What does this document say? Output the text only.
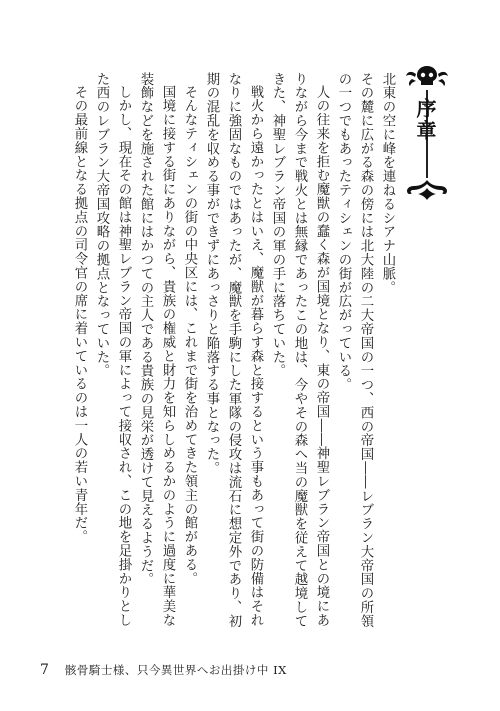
序章

北東の空に峰を連ねるシアナ山脈。

その麓に広がる森の傍には北大陸の二大帝国の一つ、西の帝国――レブラン大帝国の所領の一つでもあったティシェンの街が広がっている。

人の往来を拒む魔獣の蠢く森が国境となり、東の帝国――神聖レブラン帝国との境にありながら今まで戦火とは無縁であったこの地は、今やその森へ当の魔獣を従えて越境してきた、神聖レブラン帝国の軍の手に落ちていた。

戦火から遠かったとはいえ、魔獣が暮らす森と接するという事もあって街の防備はそれなりに強固なものではあったが、魔獣を手駒にした軍隊の侵攻は流石に想定外であり、初期の混乱を収める事ができずにあっさりと陥落する事となった。

そんなティシェンの街の中央区には、これまで街を治めてきた領主の館がある。

国境に接する街にありながら、貴族の権威と財力を知らしめるかのように過度に華美な装飾などを施された館にはかつての主人である貴族の見栄が透けて見えるようだ。

しかし、現在その館は神聖レブラン帝国の軍によって接収され、この地を足掛かりとした西のレブラン大帝国攻略の拠点となっていた。

その最前線となる拠点の司令官の席に着いているのは一人の若い青年だ。

7 骸骨騎士様、只今異世界へお出掛け中 IX
